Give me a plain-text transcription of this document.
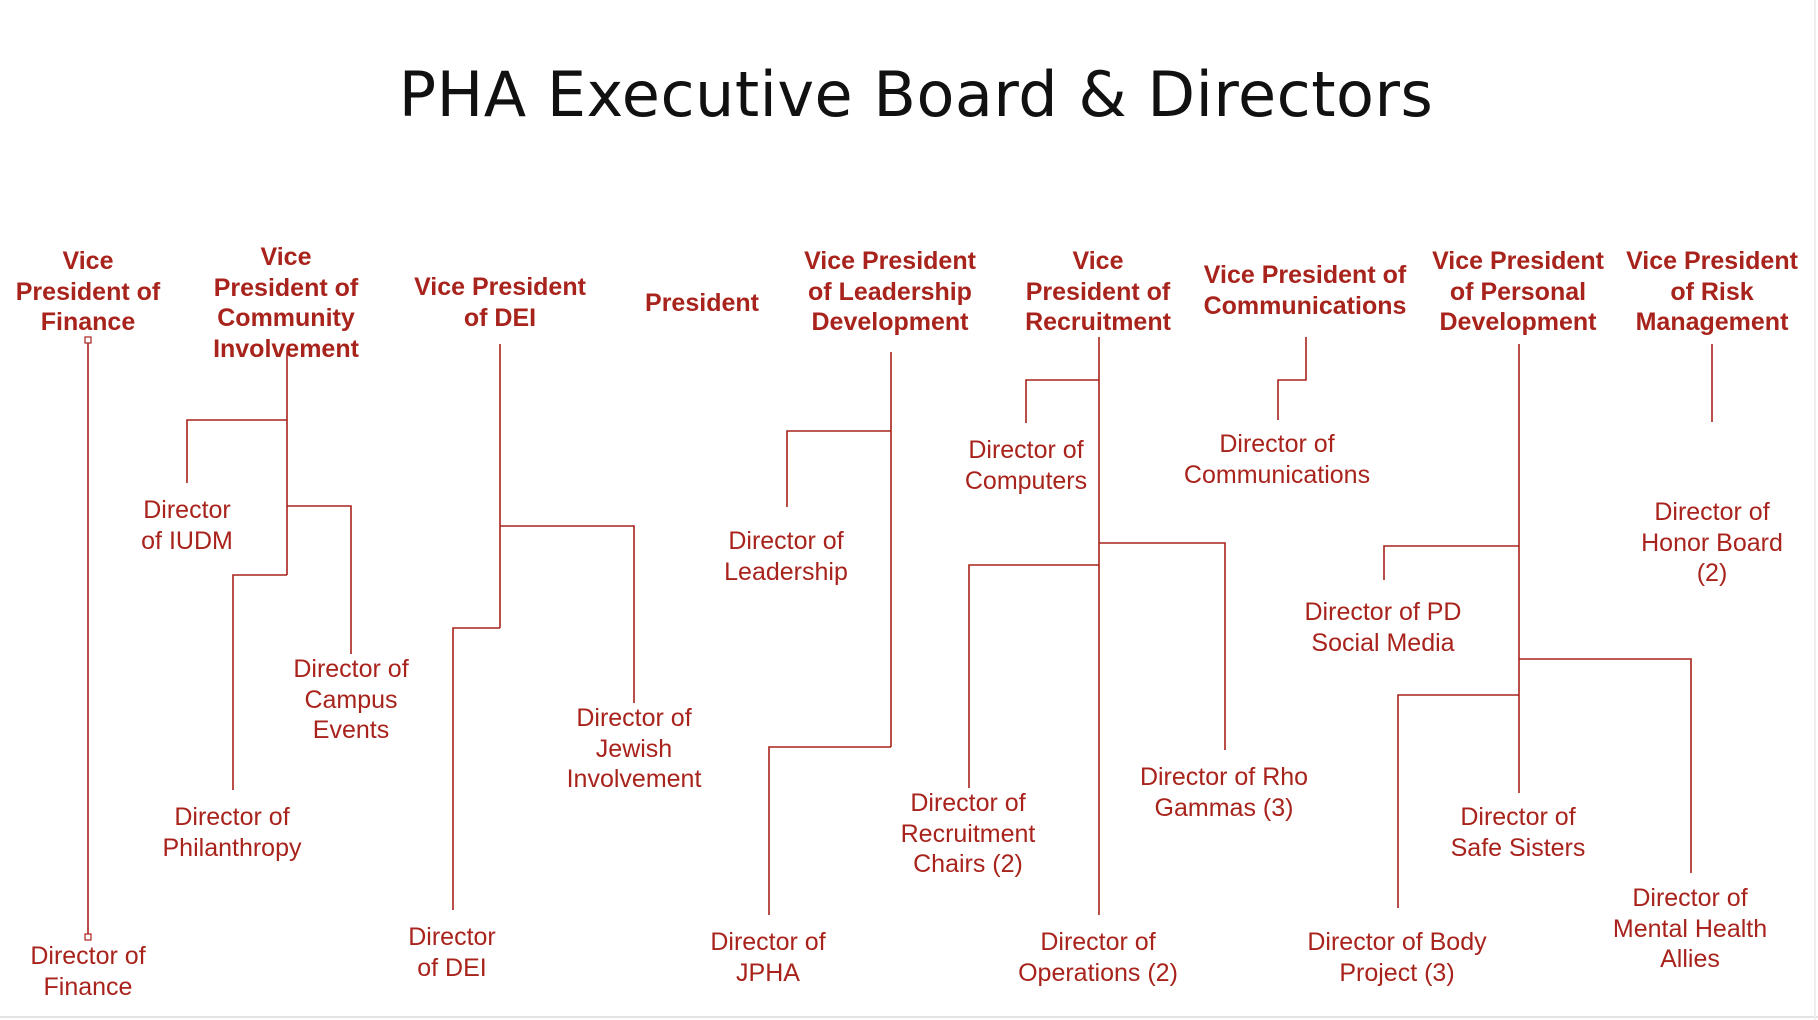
PHA Executive Board & Directors
Vice
President of
Finance
Vice
President of
Community
Involvement
Vice President
of DEI
President
Vice President
of Leadership
Development
Vice
President of
Recruitment
Vice President of
Communications
Vice President
of Personal
Development
Vice President
of Risk
Management
Director of
Finance
Director
of IUDM
Director of
Campus
Events
Director of
Philanthropy
Director
of DEI
Director of
Jewish
Involvement
Director of
Leadership
Director of
JPHA
Director of
Computers
Director of
Recruitment
Chairs (2)
Director of Rho
Gammas (3)
Director of
Operations (2)
Director of
Communications
Director of PD
Social Media
Director of Body
Project (3)
Director of
Safe Sisters
Director of
Mental Health
Allies
Director of
Honor Board
(2)
